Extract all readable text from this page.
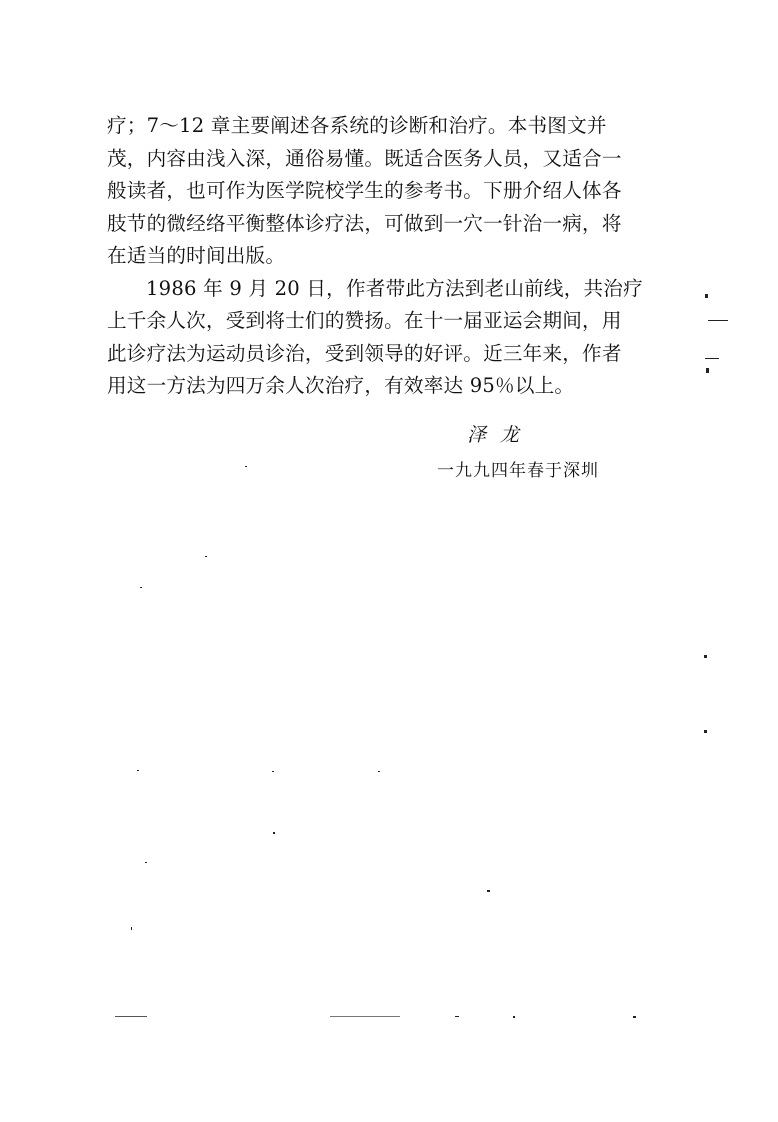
疗；7～12 章主要阐述各系统的诊断和治疗。本书图文并
茂，内容由浅入深，通俗易懂。既适合医务人员，又适合一
般读者，也可作为医学院校学生的参考书。下册介绍人体各
肢节的微经络平衡整体诊疗法，可做到一穴一针治一病，将
在适当的时间出版。
1986 年 9 月 20 日，作者带此方法到老山前线，共治疗
上千余人次，受到将士们的赞扬。在十一届亚运会期间，用
此诊疗法为运动员诊治，受到领导的好评。近三年来，作者
用这一方法为四万余人次治疗，有效率达 95％以上。
泽龙
一九九四年春于深圳
